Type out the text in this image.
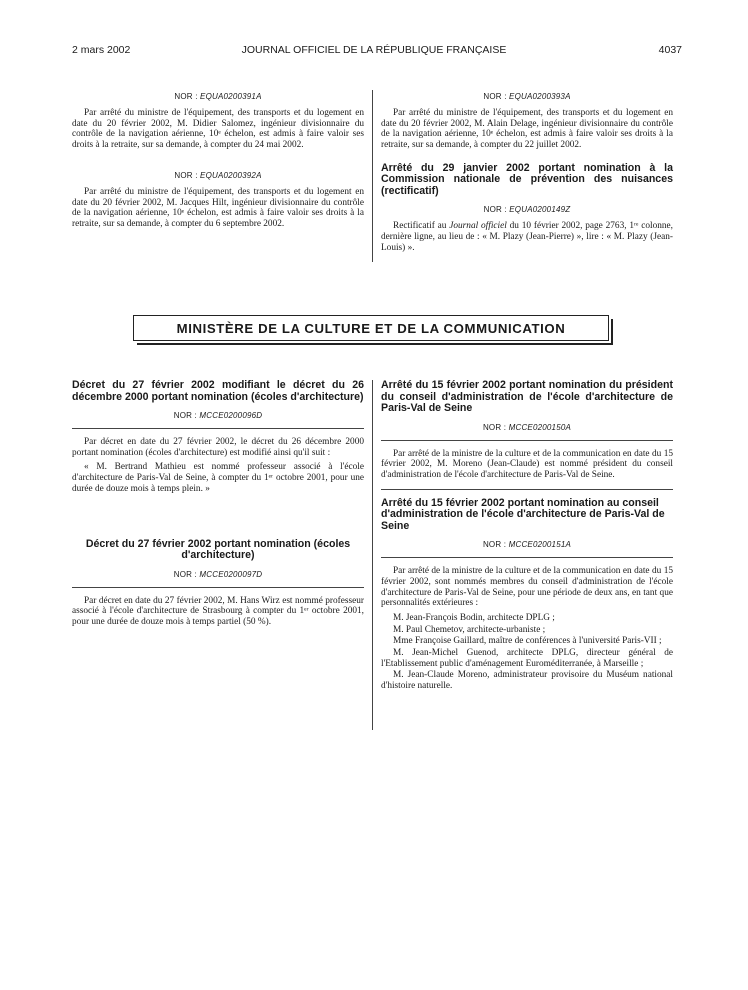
2 mars 2002	JOURNAL OFFICIEL DE LA RÉPUBLIQUE FRANÇAISE	4037
NOR : EQUA0200391A

Par arrêté du ministre de l'équipement, des transports et du logement en date du 20 février 2002, M. Didier Salomez, ingénieur divisionnaire du contrôle de la navigation aérienne, 10ᵉ échelon, est admis à faire valoir ses droits à la retraite, sur sa demande, à compter du 24 mai 2002.

NOR : EQUA0200392A

Par arrêté du ministre de l'équipement, des transports et du logement en date du 20 février 2002, M. Jacques Hilt, ingénieur divisionnaire du contrôle de la navigation aérienne, 10ᵉ échelon, est admis à faire valoir ses droits à la retraite, sur sa demande, à compter du 6 septembre 2002.

NOR : EQUA0200393A

Par arrêté du ministre de l'équipement, des transports et du logement en date du 20 février 2002, M. Alain Delage, ingénieur divisionnaire du contrôle de la navigation aérienne, 10ᵉ échelon, est admis à faire valoir ses droits à la retraite, sur sa demande, à compter du 22 juillet 2002.

Arrêté du 29 janvier 2002 portant nomination à la Commission nationale de prévention des nuisances (rectificatif)
NOR : EQUA0200149Z

Rectificatif au Journal officiel du 10 février 2002, page 2763, 1ʳᵉ colonne, dernière ligne, au lieu de : « M. Plazy (Jean-Pierre) », lire : « M. Plazy (Jean-Louis) ».

MINISTÈRE DE LA CULTURE ET DE LA COMMUNICATION
Décret du 27 février 2002 modifiant le décret du 26 décembre 2000 portant nomination (écoles d'architecture)
NOR : MCCE0200096D

Par décret en date du 27 février 2002, le décret du 26 décembre 2000 portant nomination (écoles d'architecture) est modifié ainsi qu'il suit :

« M. Bertrand Mathieu est nommé professeur associé à l'école d'architecture de Paris-Val de Seine, à compter du 1ᵉʳ octobre 2001, pour une durée de douze mois à temps plein. »

Décret du 27 février 2002 portant nomination (écoles d'architecture)
NOR : MCCE0200097D

Par décret en date du 27 février 2002, M. Hans Wirz est nommé professeur associé à l'école d'architecture de Strasbourg à compter du 1ᵉʳ octobre 2001, pour une durée de douze mois à temps partiel (50 %).

Arrêté du 15 février 2002 portant nomination du président du conseil d'administration de l'école d'architecture de Paris-Val de Seine
NOR : MCCE0200150A

Par arrêté de la ministre de la culture et de la communication en date du 15 février 2002, M. Moreno (Jean-Claude) est nommé président du conseil d'administration de l'école d'architecture de Paris-Val de Seine.

Arrêté du 15 février 2002 portant nomination au conseil d'administration de l'école d'architecture de Paris-Val de Seine
NOR : MCCE0200151A

Par arrêté de la ministre de la culture et de la communication en date du 15 février 2002, sont nommés membres du conseil d'administration de l'école d'architecture de Paris-Val de Seine, pour une période de deux ans, en tant que personnalités extérieures :

M. Jean-François Bodin, architecte DPLG ;

M. Paul Chemetov, architecte-urbaniste ;

Mme Françoise Gaillard, maître de conférences à l'université Paris-VII ;

M. Jean-Michel Guenod, architecte DPLG, directeur général de l'Etablissement public d'aménagement Euroméditerranée, à Marseille ;

M. Jean-Claude Moreno, administrateur provisoire du Muséum national d'histoire naturelle.
